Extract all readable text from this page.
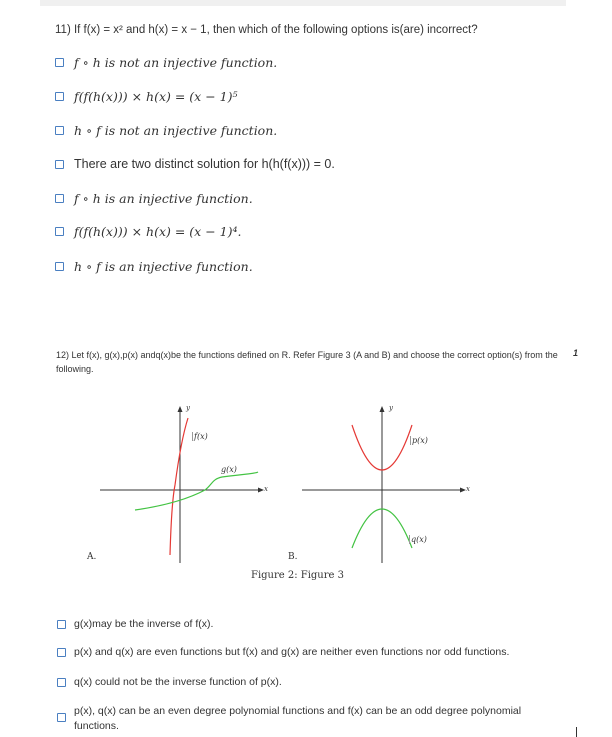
11) If f(x) = x² and h(x) = x − 1, then which of the following options is(are) incorrect?
f ∘ h is not an injective function.
f(f(h(x))) × h(x) = (x − 1)⁵
h ∘ f is not an injective function.
There are two distinct solution for h(h(f(x))) = 0.
f ∘ h is an injective function.
f(f(h(x))) × h(x) = (x − 1)⁴.
h ∘ f is an injective function.
12) Let f(x), g(x),p(x) andq(x)be the functions defined on R. Refer Figure 3 (A and B) and choose the correct option(s) from the following.
1
y
x
f(x)
g(x)
A.
y
x
p(x)
q(x)
B.
Figure 2: Figure 3
g(x)may be the inverse of f(x).
p(x) and q(x) are even functions but f(x) and g(x) are neither even functions nor odd functions.
q(x) could not be the inverse function of p(x).
p(x), q(x) can be an even degree polynomial functions and f(x) can be an odd degree polynomial functions.
